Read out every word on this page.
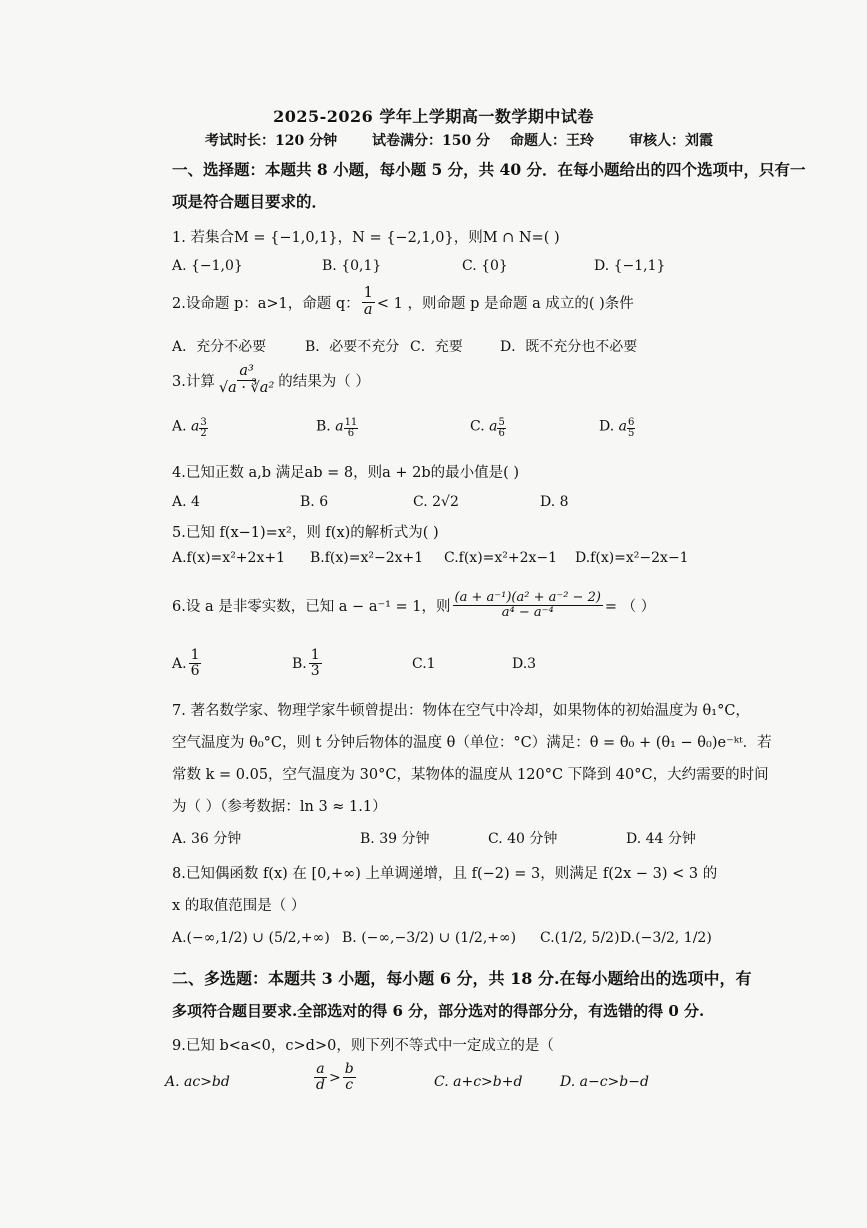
2025-2026 学年上学期高一数学期中试卷
考试时长：120 分钟 试卷满分：150 分 命题人：王玲	审核人：刘霞
一、选择题：本题共 8 小题，每小题 5 分，共 40 分．在每小题给出的四个选项中，只有一
项是符合题目要求的．
1. 若集合M = {−1,0,1}，N = {−2,1,0}，则M ∩ N=( )
A. {−1,0}	B. {0,1}	C. {0}	D. {−1,1}
2.设命题 p：a>1，命题 q： $\frac{1}{a} < 1$ ，则命题 p 是命题 a 成立的( )条件
A．充分不必要	B．必要不充分 C．充要	D．既不充分也不必要
3.计算 $\frac{\text{a³}}{\text{√a · ∛a²}}$ 的结果为（ ）
A. a $\frac{3}{2}$	B. a $\frac{11}{6}$	C. a $\frac{5}{6}$	D. a $\frac{6}{5}$
4.已知正数 a,b 满足ab = 8，则a + 2b的最小值是( )
A. 4	B. 6	C. 2√2	D. 8
5.已知 f(x−1)=x²，则 f(x)的解析式为( )
A.f(x)=x²+2x+1 B.f(x)=x²−2x+1 C.f(x)=x²+2x−1 D.f(x)=x²−2x−1
6.设 a 是非零实数，已知 a − a⁻¹ = 1，则 $\frac{\text{(a + a⁻¹)(a² + a⁻² − 2)}}{\text{a⁴ − a⁻⁴}}$ = （ ）
A. $\frac{1}{6}$	B. $\frac{1}{3}$	C.1	D.3
7. 著名数学家、物理学家牛顿曾提出：物体在空气中冷却，如果物体的初始温度为 θ₁°C，
空气温度为 θ₀°C，则 t 分钟后物体的温度 θ（单位：°C）满足：θ = θ₀ + (θ₁ − θ₀)e⁻ᵏᵗ．若
常数 k = 0.05，空气温度为 30°C，某物体的温度从 120°C 下降到 40°C，大约需要的时间
为（ ）（参考数据：ln 3 ≈ 1.1）
A. 36 分钟	B. 39 分钟	C. 40 分钟	D. 44 分钟
8.已知偶函数 f(x) 在 [0,+∞) 上单调递增，且 f(−2) = 3，则满足 f(2x − 3) < 3 的
x 的取值范围是（ ）
A.(−∞,1/2) ∪ (5/2,+∞) B. (−∞,−3/2) ∪ (1/2,+∞) C.(1/2, 5/2) D.(−3/2, 1/2)
二、多选题：本题共 3 小题，每小题 6 分，共 18 分.在每小题给出的选项中，有
多项符合题目要求.全部选对的得 6 分，部分选对的得部分分，有选错的得 0 分.
9.已知 b<a<0，c>d>0，则下列不等式中一定成立的是（
A. ac>bd	$\frac{a}{d} > \frac{b}{c}$	C. a+c>b+d	D. a−c>b−d
